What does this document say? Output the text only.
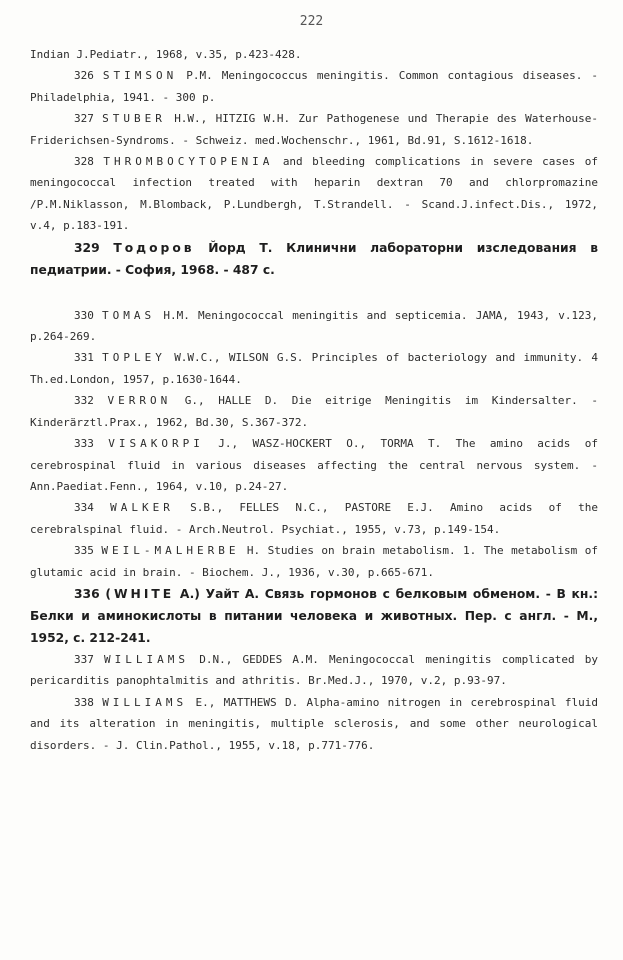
222

Indian J.Pediatr., 1968, v.35, p.423-428.

326 STIMSON P.M. Meningococcus meningitis. Common contagious diseases. - Philadelphia, 1941. - 300 p.

327 STUBER H.W., HITZIG W.H. Zur Pathogenese und Therapie des Waterhouse-Friderichsen-Syndroms. - Schweiz. med.Wochenschr., 1961, Bd.91, S.1612-1618.

328 THROMBOCYTOPENIA and bleeding complications in severe cases of meningococcal infection treated with heparin dextran 70 and chlorpromazine /P.M.Niklasson, M.Blomback, P.Lundbergh, T.Strandell. - Scand.J.infect.Dis., 1972, v.4, p.183-191.

329 Тодоров Йорд Т. Клинични лабораторни изследования в педиатрии. - София, 1968. - 487 с.

330 TOMAS H.M. Meningococcal meningitis and septicemia. JAMA, 1943, v.123, p.264-269.

331 TOPLEY W.W.C., WILSON G.S. Principles of bacteriology and immunity. 4 Th.ed.London, 1957, p.1630-1644.

332 VERRON G., HALLE D. Die eitrige Meningitis im Kindersalter. - Kinderärztl.Prax., 1962, Bd.30, S.367-372.

333 VISAKORPI J., WASZ-HOCKERT O., TORMA T. The amino acids of cerebrospinal fluid in various diseases affecting the central nervous system. - Ann.Paediat.Fenn., 1964, v.10, p.24-27.

334 WALKER S.B., FELLES N.C., PASTORE E.J. Amino acids of the cerebralspinal fluid. - Arch.Neutrol. Psychiat., 1955, v.73, p.149-154.

335 WEIL-MALHERBE H. Studies on brain metabolism. 1. The metabolism of glutamic acid in brain. - Biochem. J., 1936, v.30, p.665-671.

336 (WHITE A.) Уайт А. Связь гормонов с белковым обменом. - В кн.: Белки и аминокислоты в питании человека и животных. Пер. с англ. - М., 1952, с. 212-241.

337 WILLIAMS D.N., GEDDES A.M. Meningococcal meningitis complicated by pericarditis panophtalmitis and athritis. Br.Med.J., 1970, v.2, p.93-97.

338 WILLIAMS E., MATTHEWS D. Alpha-amino nitrogen in cerebrospinal fluid and its alteration in meningitis, multiple sclerosis, and some other neurological disorders. - J. Clin.Pathol., 1955, v.18, p.771-776.
